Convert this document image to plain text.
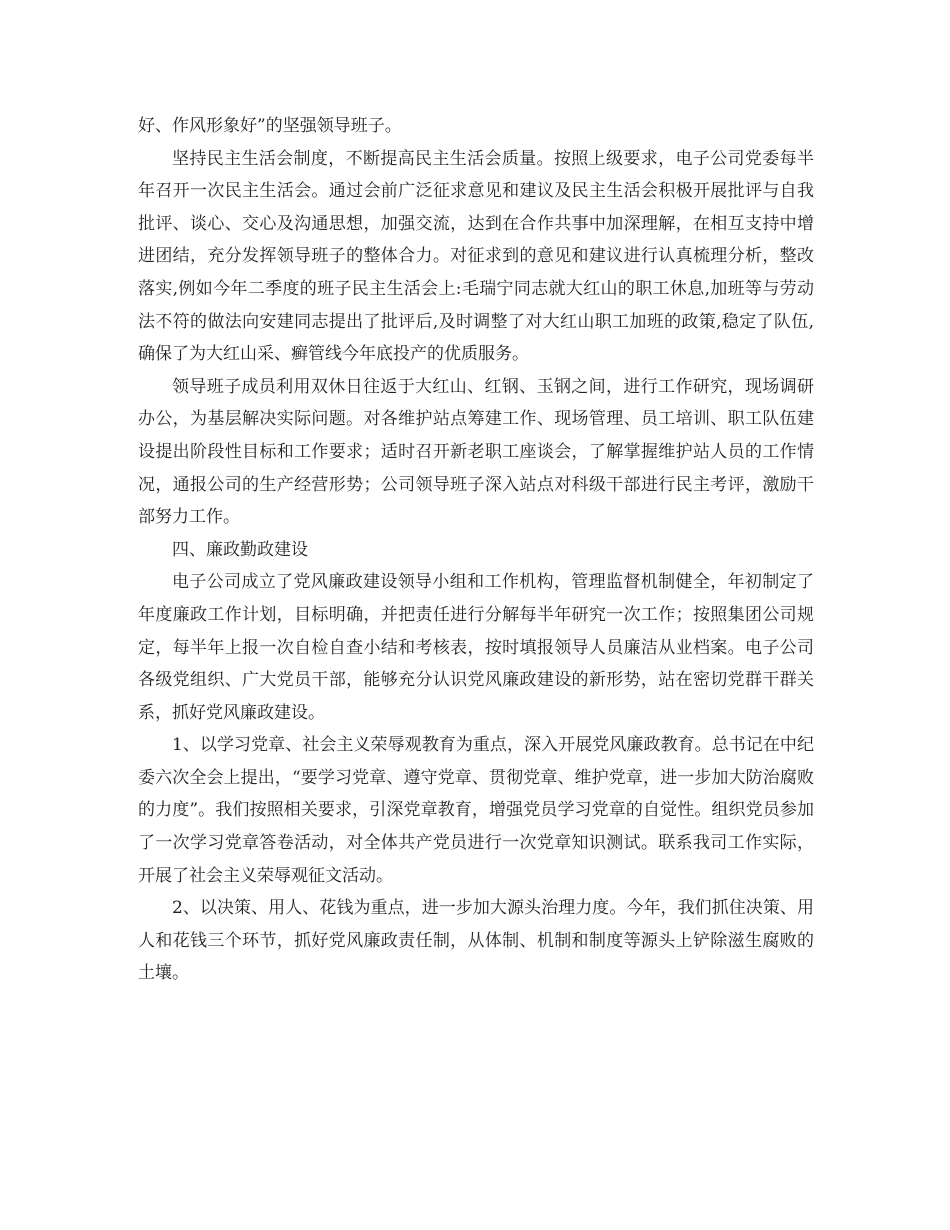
好、作风形象好”的坚强领导班子。

坚持民主生活会制度，不断提高民主生活会质量。按照上级要求，电子公司党委每半年召开一次民主生活会。通过会前广泛征求意见和建议及民主生活会积极开展批评与自我批评、谈心、交心及沟通思想，加强交流，达到在合作共事中加深理解，在相互支持中增进团结，充分发挥领导班子的整体合力。对征求到的意见和建议进行认真梳理分析，整改落实,例如今年二季度的班子民主生活会上:毛瑞宁同志就大红山的职工休息,加班等与劳动法不符的做法向安建同志提出了批评后,及时调整了对大红山职工加班的政策,稳定了队伍,确保了为大红山采、癣管线今年底投产的优质服务。

领导班子成员利用双休日往返于大红山、红钢、玉钢之间，进行工作研究，现场调研办公，为基层解决实际问题。对各维护站点筹建工作、现场管理、员工培训、职工队伍建设提出阶段性目标和工作要求；适时召开新老职工座谈会，了解掌握维护站人员的工作情况，通报公司的生产经营形势；公司领导班子深入站点对科级干部进行民主考评，激励干部努力工作。

四、廉政勤政建设

电子公司成立了党风廉政建设领导小组和工作机构，管理监督机制健全，年初制定了年度廉政工作计划，目标明确，并把责任进行分解每半年研究一次工作；按照集团公司规定，每半年上报一次自检自查小结和考核表，按时填报领导人员廉洁从业档案。电子公司各级党组织、广大党员干部，能够充分认识党风廉政建设的新形势，站在密切党群干群关系，抓好党风廉政建设。

1、以学习党章、社会主义荣辱观教育为重点，深入开展党风廉政教育。总书记在中纪委六次全会上提出，“要学习党章、遵守党章、贯彻党章、维护党章，进一步加大防治腐败的力度”。我们按照相关要求，引深党章教育，增强党员学习党章的自觉性。组织党员参加了一次学习党章答卷活动，对全体共产党员进行一次党章知识测试。联系我司工作实际，开展了社会主义荣辱观征文活动。

2、以决策、用人、花钱为重点，进一步加大源头治理力度。今年，我们抓住决策、用人和花钱三个环节，抓好党风廉政责任制，从体制、机制和制度等源头上铲除滋生腐败的土壤。
